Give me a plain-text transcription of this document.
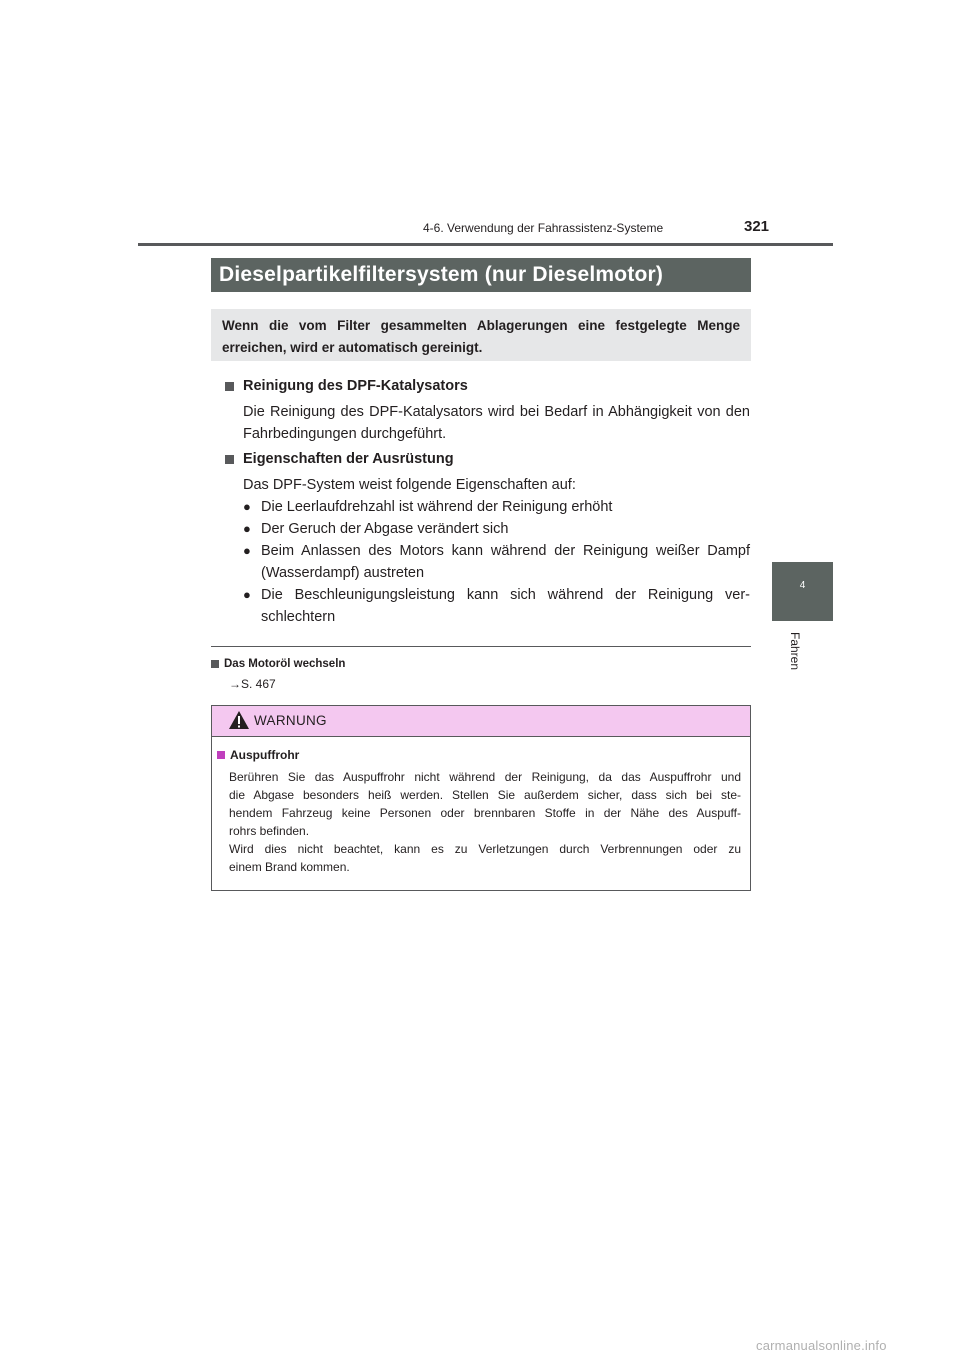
4-6. Verwendung der Fahrassistenz-Systeme	321
4
Fahren
Dieselpartikelfiltersystem (nur Dieselmotor)

Wenn die vom Filter gesammelten Ablagerungen eine festgelegte Menge erreichen, wird er automatisch gereinigt.

Reinigung des DPF-Katalysators

Die Reinigung des DPF-Katalysators wird bei Bedarf in Abhängigkeit von den Fahrbedingungen durchgeführt.

Eigenschaften der Ausrüstung

Das DPF-System weist folgende Eigenschaften auf:

● Die Leerlaufdrehzahl ist während der Reinigung erhöht
● Der Geruch der Abgase verändert sich
● Beim Anlassen des Motors kann während der Reinigung weißer Dampf (Wasserdampf) austreten
● Die Beschleunigungsleistung kann sich während der Reinigung ver-schlechtern
Das Motoröl wechseln
→S. 467
WARNUNG
Auspuffrohr

Berühren Sie das Auspuffrohr nicht während der Reinigung, da das Auspuffrohr und
die Abgase besonders heiß werden. Stellen Sie außerdem sicher, dass sich bei ste-
hendem Fahrzeug keine Personen oder brennbaren Stoffe in der Nähe des Auspuff-
rohrs befinden.
Wird dies nicht beachtet, kann es zu Verletzungen durch Verbrennungen oder zu
einem Brand kommen.

carmanualsonline.info
